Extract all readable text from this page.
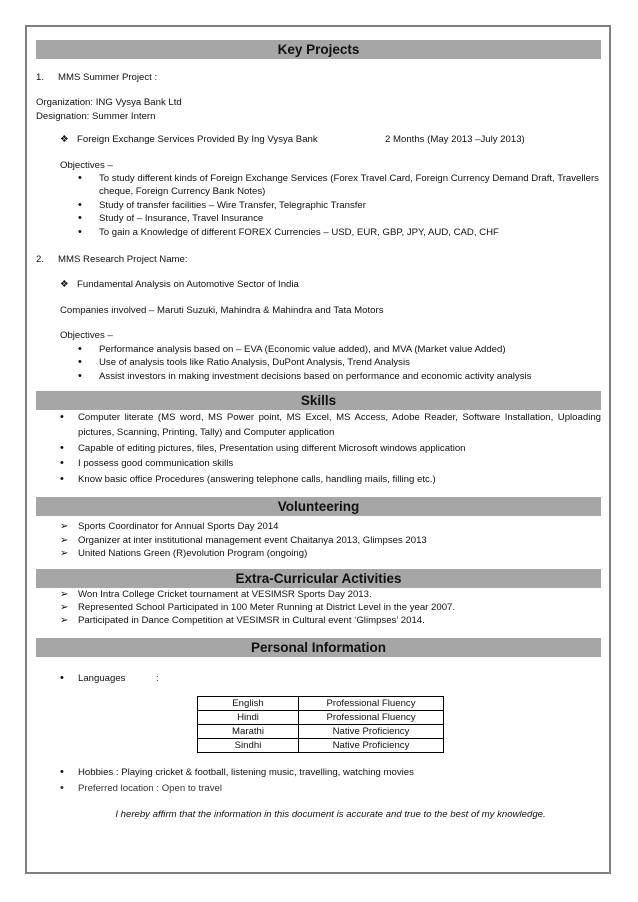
Key Projects
1.	MMS Summer Project :

Organization: ING Vysya Bank Ltd

Designation: Summer Intern

❖ Foreign Exchange Services Provided By Ing Vysya Bank	2 Months (May 2013 –July 2013)

Objectives –

• To study different kinds of Foreign Exchange Services (Forex Travel Card, Foreign Currency Demand Draft, Travellers cheque, Foreign Currency Bank Notes)
• Study of transfer facilities – Wire Transfer, Telegraphic Transfer
• Study of – Insurance, Travel Insurance
• To gain a Knowledge of different FOREX Currencies – USD, EUR, GBP, JPY, AUD, CAD, CHF
2.	MMS Research Project Name:
❖ Fundamental Analysis on Automotive Sector of India

Companies involved – Maruti Suzuki, Mahindra & Mahindra and Tata Motors

Objectives –

• Performance analysis based on – EVA (Economic value added), and MVA (Market value Added)
• Use of analysis tools like Ratio Analysis, DuPont Analysis, Trend Analysis
• Assist investors in making investment decisions based on performance and economic activity analysis
Skills
• Computer literate (MS word, MS Power point, MS Excel, MS Access, Adobe Reader, Software Installation, Uploading pictures, Scanning, Printing, Tally) and Computer application
• Capable of editing pictures, files, Presentation using different Microsoft windows application
• I possess good communication skills
• Know basic office Procedures (answering telephone calls, handling mails, filling etc.)
Volunteering
➢ Sports Coordinator for Annual Sports Day 2014
➢ Organizer at inter institutional management event Chaitanya 2013, Glimpses 2013
➢ United Nations Green (R)evolution Program (ongoing)
Extra-Curricular Activities
➢ Won Intra College Cricket tournament at VESIMSR Sports Day 2013.
➢ Represented School Participated in 100 Meter Running at District Level in the year 2007.
➢ Participated in Dance Competition at VESIMSR in Cultural event ‘Glimpses’ 2014.
Personal Information
• Languages	:
English	Professional Fluency
Hindi	Professional Fluency
Marathi	Native Proficiency
Sindhi	Native Proficiency
• Hobbies : Playing cricket & football, listening music, travelling, watching movies
• Preferred location : Open to travel

I hereby affirm that the information in this document is accurate and true to the best of my knowledge.
